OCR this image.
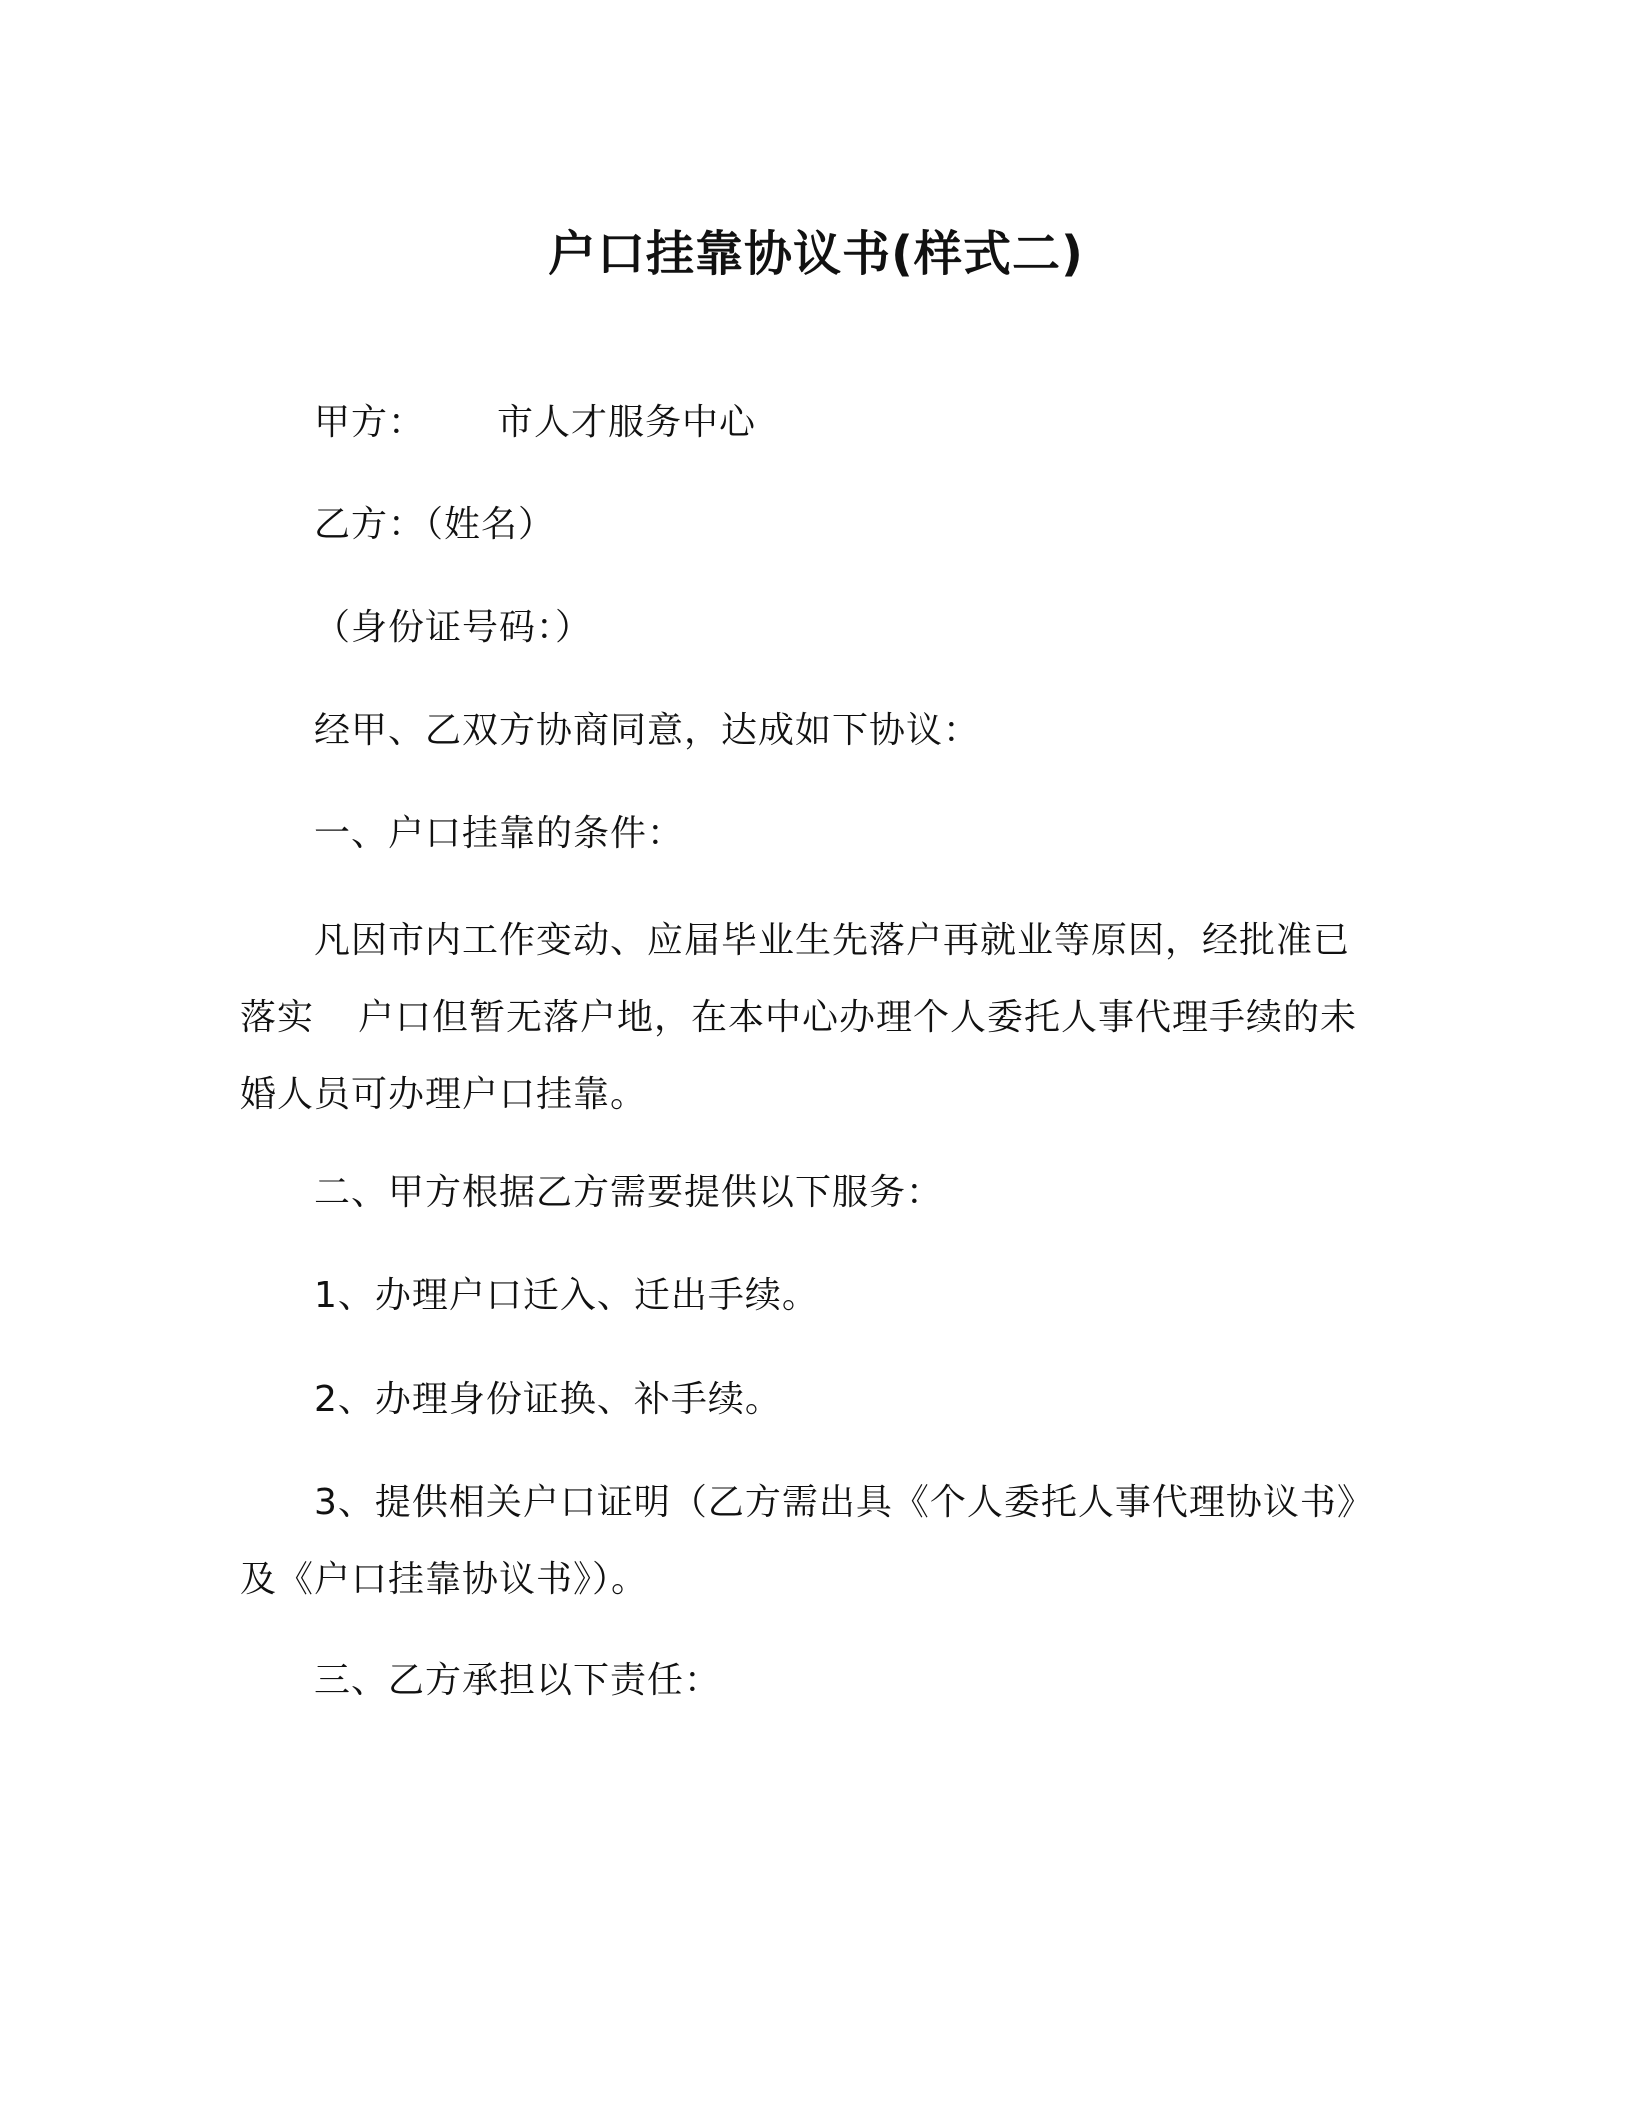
户口挂靠协议书(样式二)
甲方： 市人才服务中心
乙方：（姓名）
（身份证号码：）
经甲、乙双方协商同意，达成如下协议：
一、户口挂靠的条件：
凡因市内工作变动、应届毕业生先落户再就业等原因，经批准已
落实 户口但暂无落户地，在本中心办理个人委托人事代理手续的未
婚人员可办理户口挂靠。
二、甲方根据乙方需要提供以下服务：
1、办理户口迁入、迁出手续。
2、办理身份证换、补手续。
3、提供相关户口证明（乙方需出具《个人委托人事代理协议书》
及《户口挂靠协议书》）。
三、乙方承担以下责任：
